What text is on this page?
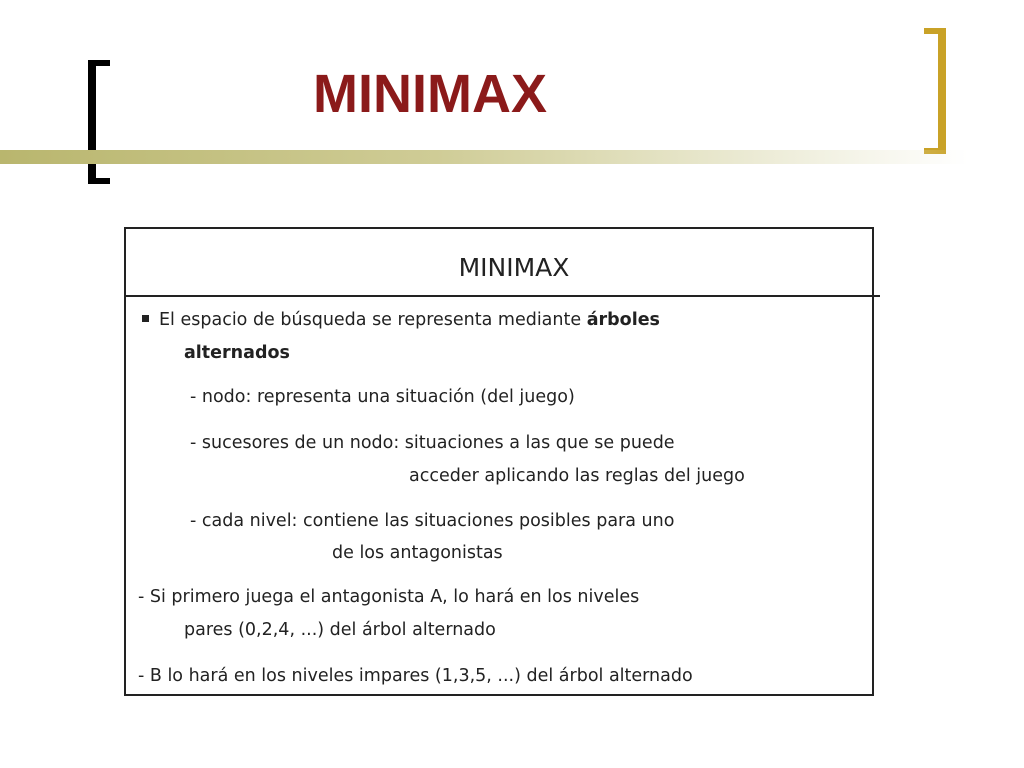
MINIMAX
MINIMAX
El espacio de búsqueda se representa mediante árboles
alternados
- nodo: representa una situación (del juego)
- sucesores de un nodo: situaciones a las que se puede
acceder aplicando las reglas del juego
- cada nivel: contiene las situaciones posibles para uno
de los antagonistas
- Si primero juega el antagonista A, lo hará en los niveles
pares (0,2,4, ...) del árbol alternado
- B lo hará en los niveles impares (1,3,5, ...) del árbol alternado
